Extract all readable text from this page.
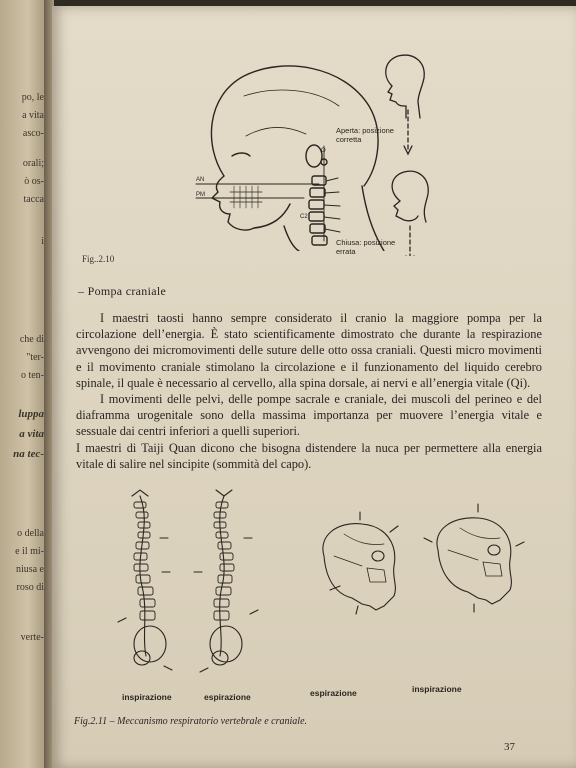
po, le
a vita
asco-
orali;
ò os-
tacca
i
che di
"ter-
o ten-
luppa
a vita
na tec-
o della
e il mi-
niusa e
roso di
verte-
AN
PM
O
C2
Aperta: posizione
corretta
Chiusa: posizione
errata
Fig..2.10
– Pompa craniale

I maestri taosti hanno sempre considerato il cranio la maggiore pompa per la circolazione dell’energia. È stato scientificamente dimostrato che durante la respirazione avvengono dei micromovimenti delle suture delle otto ossa craniali. Questi micro movimenti e il movimento craniale stimolano la circolazione e il funzionamento del liquido cerebro spinale, il quale è necessario al cervello, alla spina dorsale, ai nervi e all’energia vitale (Qi).

I movimenti delle pelvi, delle pompe sacrale e craniale, dei muscoli del perineo e del diaframma urogenitale sono della massima importanza per muovere l’energia vitale e sessuale dai centri inferiori a quelli superiori.

I maestri di Taiji Quan dicono che bisogna distendere la nuca per permettere alla energia vitale di salire nel sincipite (sommità del capo).

inspirazione	espirazione	espirazione	inspirazione
Fig.2.11 – Meccanismo respiratorio vertebrale e craniale.
37
